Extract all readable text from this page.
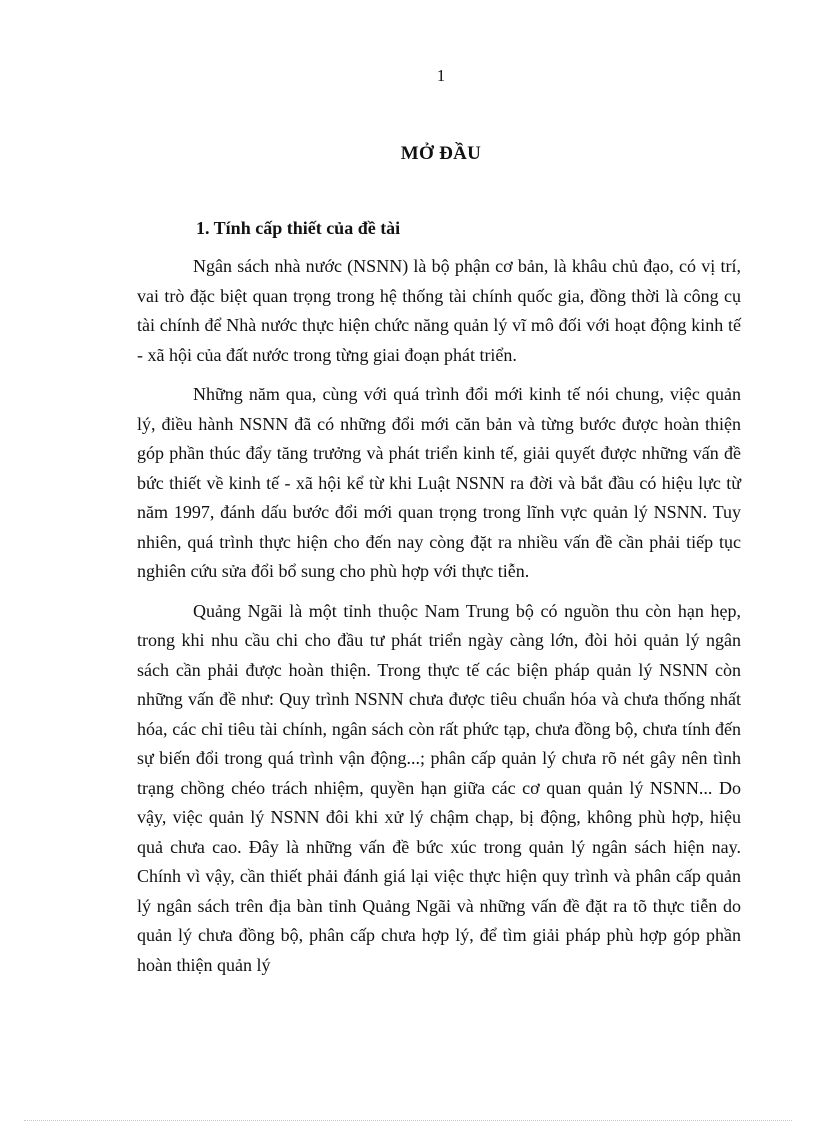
1
MỞ ĐẦU
1. Tính cấp thiết của đề tài

Ngân sách nhà nước (NSNN) là bộ phận cơ bản, là khâu chủ đạo, có vị trí, vai trò đặc biệt quan trọng trong hệ thống tài chính quốc gia, đồng thời là công cụ tài chính để Nhà nước thực hiện chức năng quản lý vĩ mô đối với hoạt động kinh tế - xã hội của đất nước trong từng giai đoạn phát triển.

Những năm qua, cùng với quá trình đổi mới kinh tế nói chung, việc quản lý, điều hành NSNN đã có những đổi mới căn bản và từng bước được hoàn thiện góp phần thúc đẩy tăng trưởng và phát triển kinh tế, giải quyết được những vấn đề bức thiết về kinh tế - xã hội kể từ khi Luật NSNN ra đời và bắt đầu có hiệu lực từ năm 1997, đánh dấu bước đổi mới quan trọng trong lĩnh vực quản lý NSNN. Tuy nhiên, quá trình thực hiện cho đến nay còng đặt ra nhiều vấn đề cần phải tiếp tục nghiên cứu sửa đổi bổ sung cho phù hợp với thực tiễn.

Quảng Ngãi là một tỉnh thuộc Nam Trung bộ có nguồn thu còn hạn hẹp, trong khi nhu cầu chi cho đầu tư phát triển ngày càng lớn, đòi hỏi quản lý ngân sách cần phải được hoàn thiện. Trong thực tế các biện pháp quản lý NSNN còn những vấn đề như: Quy trình NSNN chưa được tiêu chuẩn hóa và chưa thống nhất hóa, các chỉ tiêu tài chính, ngân sách còn rất phức tạp, chưa đồng bộ, chưa tính đến sự biến đổi trong quá trình vận động...; phân cấp quản lý chưa rõ nét gây nên tình trạng chồng chéo trách nhiệm, quyền hạn giữa các cơ quan quản lý NSNN... Do vậy, việc quản lý NSNN đôi khi xử lý chậm chạp, bị động, không phù hợp, hiệu quả chưa cao. Đây là những vấn đề bức xúc trong quản lý ngân sách hiện nay. Chính vì vậy, cần thiết phải đánh giá lại việc thực hiện quy trình và phân cấp quản lý ngân sách trên địa bàn tỉnh Quảng Ngãi và những vấn đề đặt ra tõ thực tiễn do quản lý chưa đồng bộ, phân cấp chưa hợp lý, để tìm giải pháp phù hợp góp phần hoàn thiện quản lý
